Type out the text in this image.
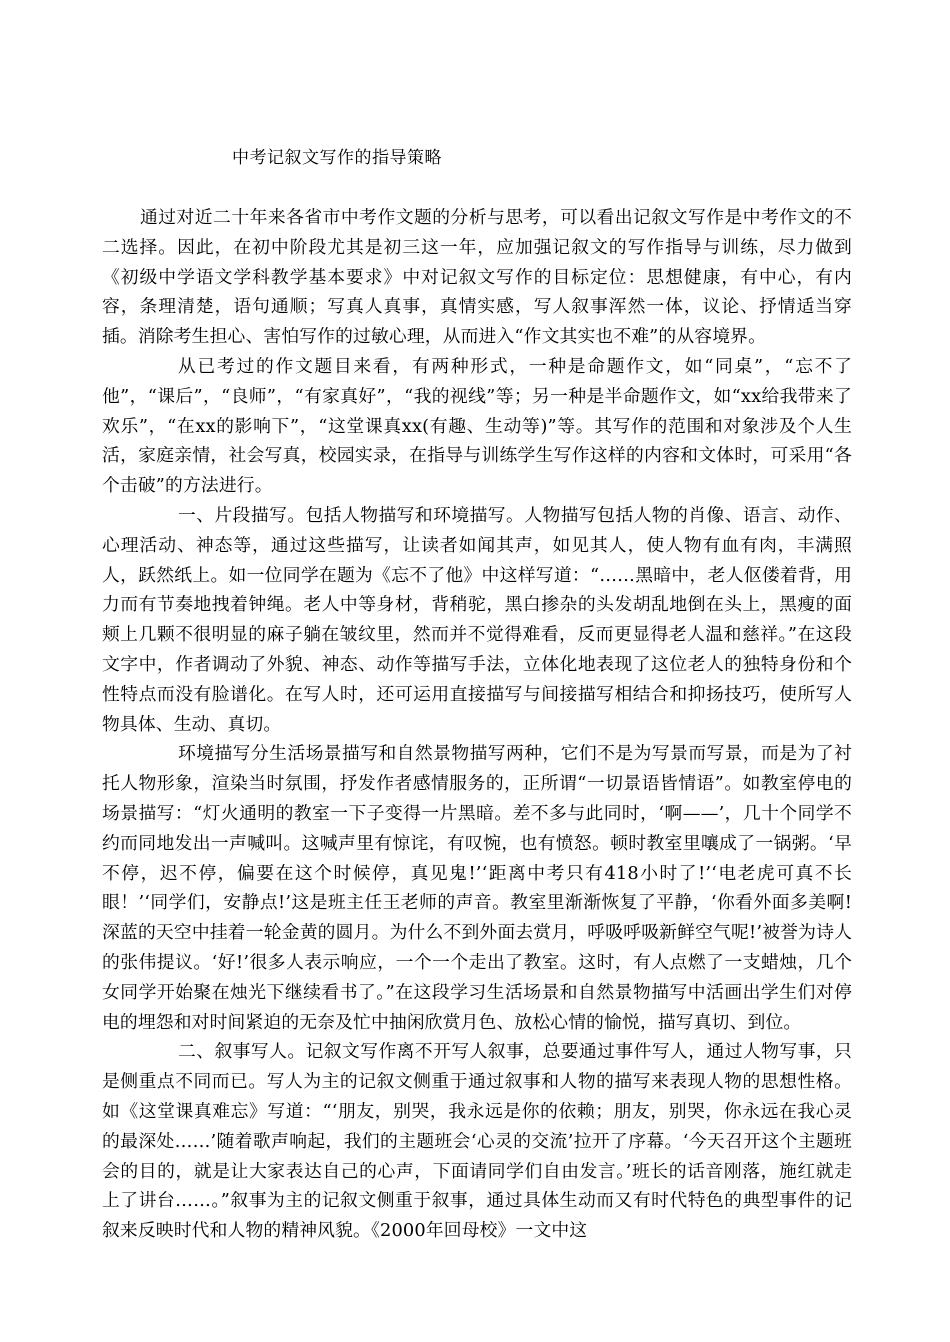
中考记叙文写作的指导策略

通过对近二十年来各省市中考作文题的分析与思考，可以看出记叙文写作是中考作文的不二选择。因此，在初中阶段尤其是初三这一年，应加强记叙文的写作指导与训练，尽力做到《初级中学语文学科教学基本要求》中对记叙文写作的目标定位：思想健康，有中心，有内容，条理清楚，语句通顺；写真人真事，真情实感，写人叙事浑然一体，议论、抒情适当穿插。消除考生担心、害怕写作的过敏心理，从而进入“作文其实也不难”的从容境界。

从已考过的作文题目来看，有两种形式，一种是命题作文，如“同桌”，“忘不了他”，“课后”，“良师”，“有家真好”，“我的视线”等；另一种是半命题作文，如“xx给我带来了欢乐”，“在xx的影响下”，“这堂课真xx(有趣、生动等)”等。其写作的范围和对象涉及个人生活，家庭亲情，社会写真，校园实录，在指导与训练学生写作这样的内容和文体时，可采用“各个击破”的方法进行。

一、片段描写。包括人物描写和环境描写。人物描写包括人物的肖像、语言、动作、心理活动、神态等，通过这些描写，让读者如闻其声，如见其人，使人物有血有肉，丰满照人，跃然纸上。如一位同学在题为《忘不了他》中这样写道：“……黑暗中，老人伛偻着背，用力而有节奏地拽着钟绳。老人中等身材，背稍驼，黑白掺杂的头发胡乱地倒在头上，黑瘦的面颊上几颗不很明显的麻子躺在皱纹里，然而并不觉得难看，反而更显得老人温和慈祥。”在这段文字中，作者调动了外貌、神态、动作等描写手法，立体化地表现了这位老人的独特身份和个性特点而没有脸谱化。在写人时，还可运用直接描写与间接描写相结合和抑扬技巧，使所写人物具体、生动、真切。

环境描写分生活场景描写和自然景物描写两种，它们不是为写景而写景，而是为了衬托人物形象，渲染当时氛围，抒发作者感情服务的，正所谓“一切景语皆情语”。如教室停电的场景描写：“灯火通明的教室一下子变得一片黑暗。差不多与此同时，‘啊——’，几十个同学不约而同地发出一声喊叫。这喊声里有惊诧，有叹惋，也有愤怒。顿时教室里嚷成了一锅粥。‘早不停，迟不停，偏要在这个时候停，真见鬼!’‘距离中考只有418小时了!’‘电老虎可真不长眼！’‘同学们，安静点!’这是班主任王老师的声音。教室里渐渐恢复了平静，‘你看外面多美啊!深蓝的天空中挂着一轮金黄的圆月。为什么不到外面去赏月，呼吸呼吸新鲜空气呢!’被誉为诗人的张伟提议。‘好!’很多人表示响应，一个一个走出了教室。这时，有人点燃了一支蜡烛，几个女同学开始聚在烛光下继续看书了。”在这段学习生活场景和自然景物描写中活画出学生们对停电的埋怨和对时间紧迫的无奈及忙中抽闲欣赏月色、放松心情的愉悦，描写真切、到位。

二、叙事写人。记叙文写作离不开写人叙事，总要通过事件写人，通过人物写事，只是侧重点不同而已。写人为主的记叙文侧重于通过叙事和人物的描写来表现人物的思想性格。如《这堂课真难忘》写道：“‘朋友，别哭，我永远是你的依赖；朋友，别哭，你永远在我心灵的最深处……’随着歌声响起，我们的主题班会‘心灵的交流’拉开了序幕。‘今天召开这个主题班会的目的，就是让大家表达自己的心声，下面请同学们自由发言。’班长的话音刚落，施红就走上了讲台……。”叙事为主的记叙文侧重于叙事，通过具体生动而又有时代特色的典型事件的记叙来反映时代和人物的精神风貌。《2000年回母校》一文中这
